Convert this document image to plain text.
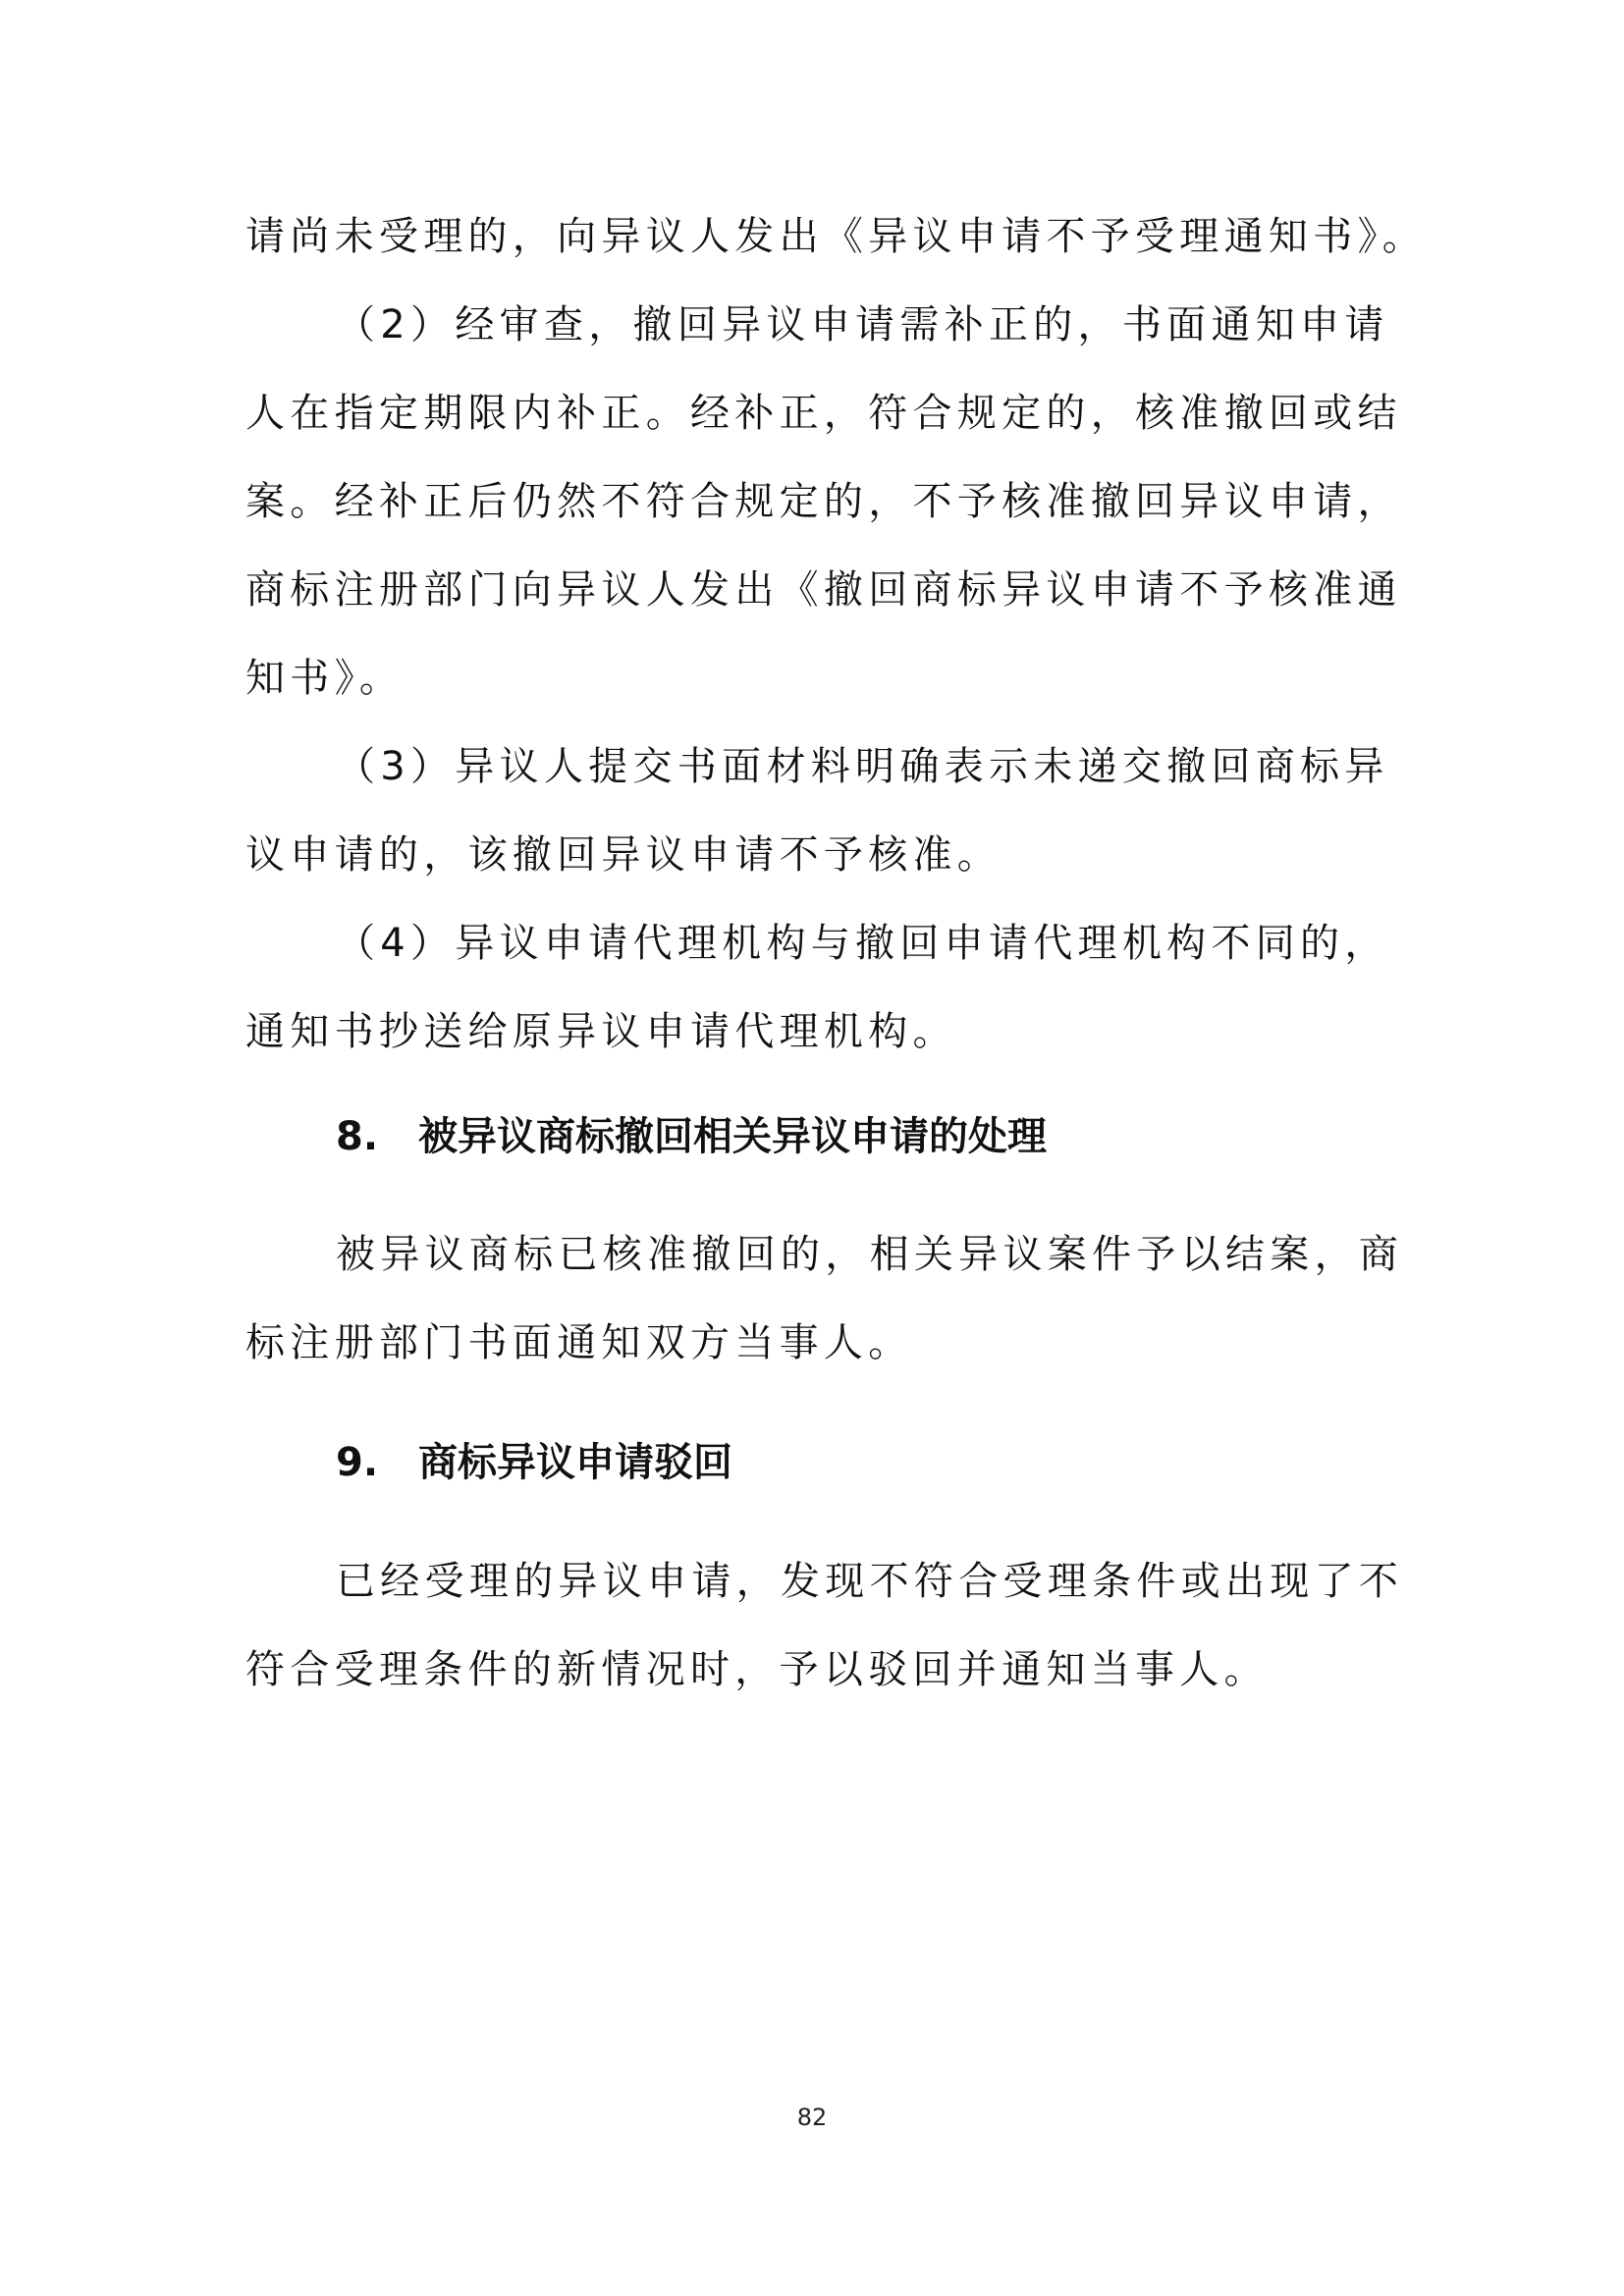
请尚未受理的，向异议人发出《异议申请不予受理通知书》。
（2）经审查，撤回异议申请需补正的，书面通知申请
人在指定期限内补正。经补正，符合规定的，核准撤回或结
案。经补正后仍然不符合规定的，不予核准撤回异议申请，
商标注册部门向异议人发出《撤回商标异议申请不予核准通
知书》。
（3）异议人提交书面材料明确表示未递交撤回商标异
议申请的，该撤回异议申请不予核准。
（4）异议申请代理机构与撤回申请代理机构不同的，
通知书抄送给原异议申请代理机构。
8. 被异议商标撤回相关异议申请的处理
被异议商标已核准撤回的，相关异议案件予以结案，商
标注册部门书面通知双方当事人。
9. 商标异议申请驳回
已经受理的异议申请，发现不符合受理条件或出现了不
符合受理条件的新情况时，予以驳回并通知当事人。
82
